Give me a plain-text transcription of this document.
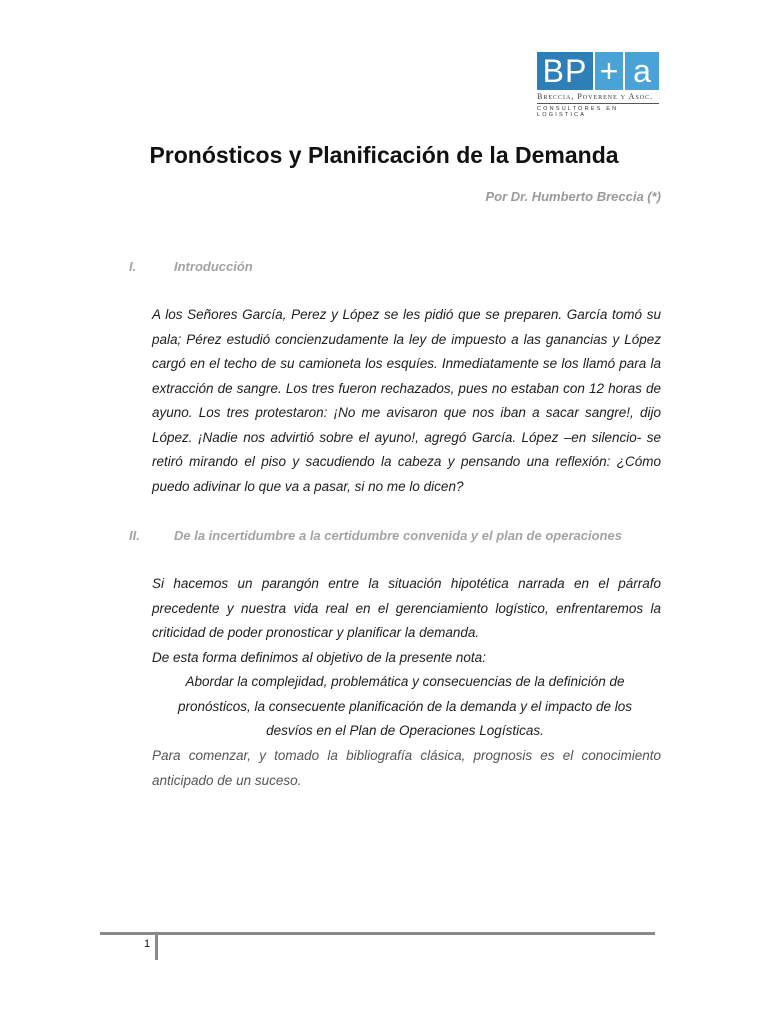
BP + a
Breccia, Poverene y Asoc.
CONSULTORES EN LOGISTICA
Pronósticos y Planificación de la Demanda
Por Dr. Humberto Breccia (*)
I.	Introducción

A los Señores García, Perez y López se les pidió que se preparen. García tomó su pala; Pérez estudió concienzudamente la ley de impuesto a las ganancias y López cargó en el techo de su camioneta los esquíes. Inmediatamente se los llamó para la extracción de sangre. Los tres fueron rechazados, pues no estaban con 12 horas de ayuno. Los tres protestaron: ¡No me avisaron que nos iban a sacar sangre!, dijo López. ¡Nadie nos advirtió sobre el ayuno!, agregó García. López –en silencio- se retiró mirando el piso y sacudiendo la cabeza y pensando una reflexión: ¿Cómo puedo adivinar lo que va a pasar, si no me lo dicen?

II.	De la incertidumbre a la certidumbre convenida y el plan de operaciones

Si hacemos un parangón entre la situación hipotética narrada en el párrafo precedente y nuestra vida real en el gerenciamiento logístico, enfrentaremos la criticidad de poder pronosticar y planificar la demanda.

De esta forma definimos al objetivo de la presente nota:

Abordar la complejidad, problemática y consecuencias de la definición de pronósticos, la consecuente planificación de la demanda y el impacto de los desvíos en el Plan de Operaciones Logísticas.

Para comenzar, y tomado la bibliografía clásica, prognosis es el conocimiento anticipado de un suceso.

1
